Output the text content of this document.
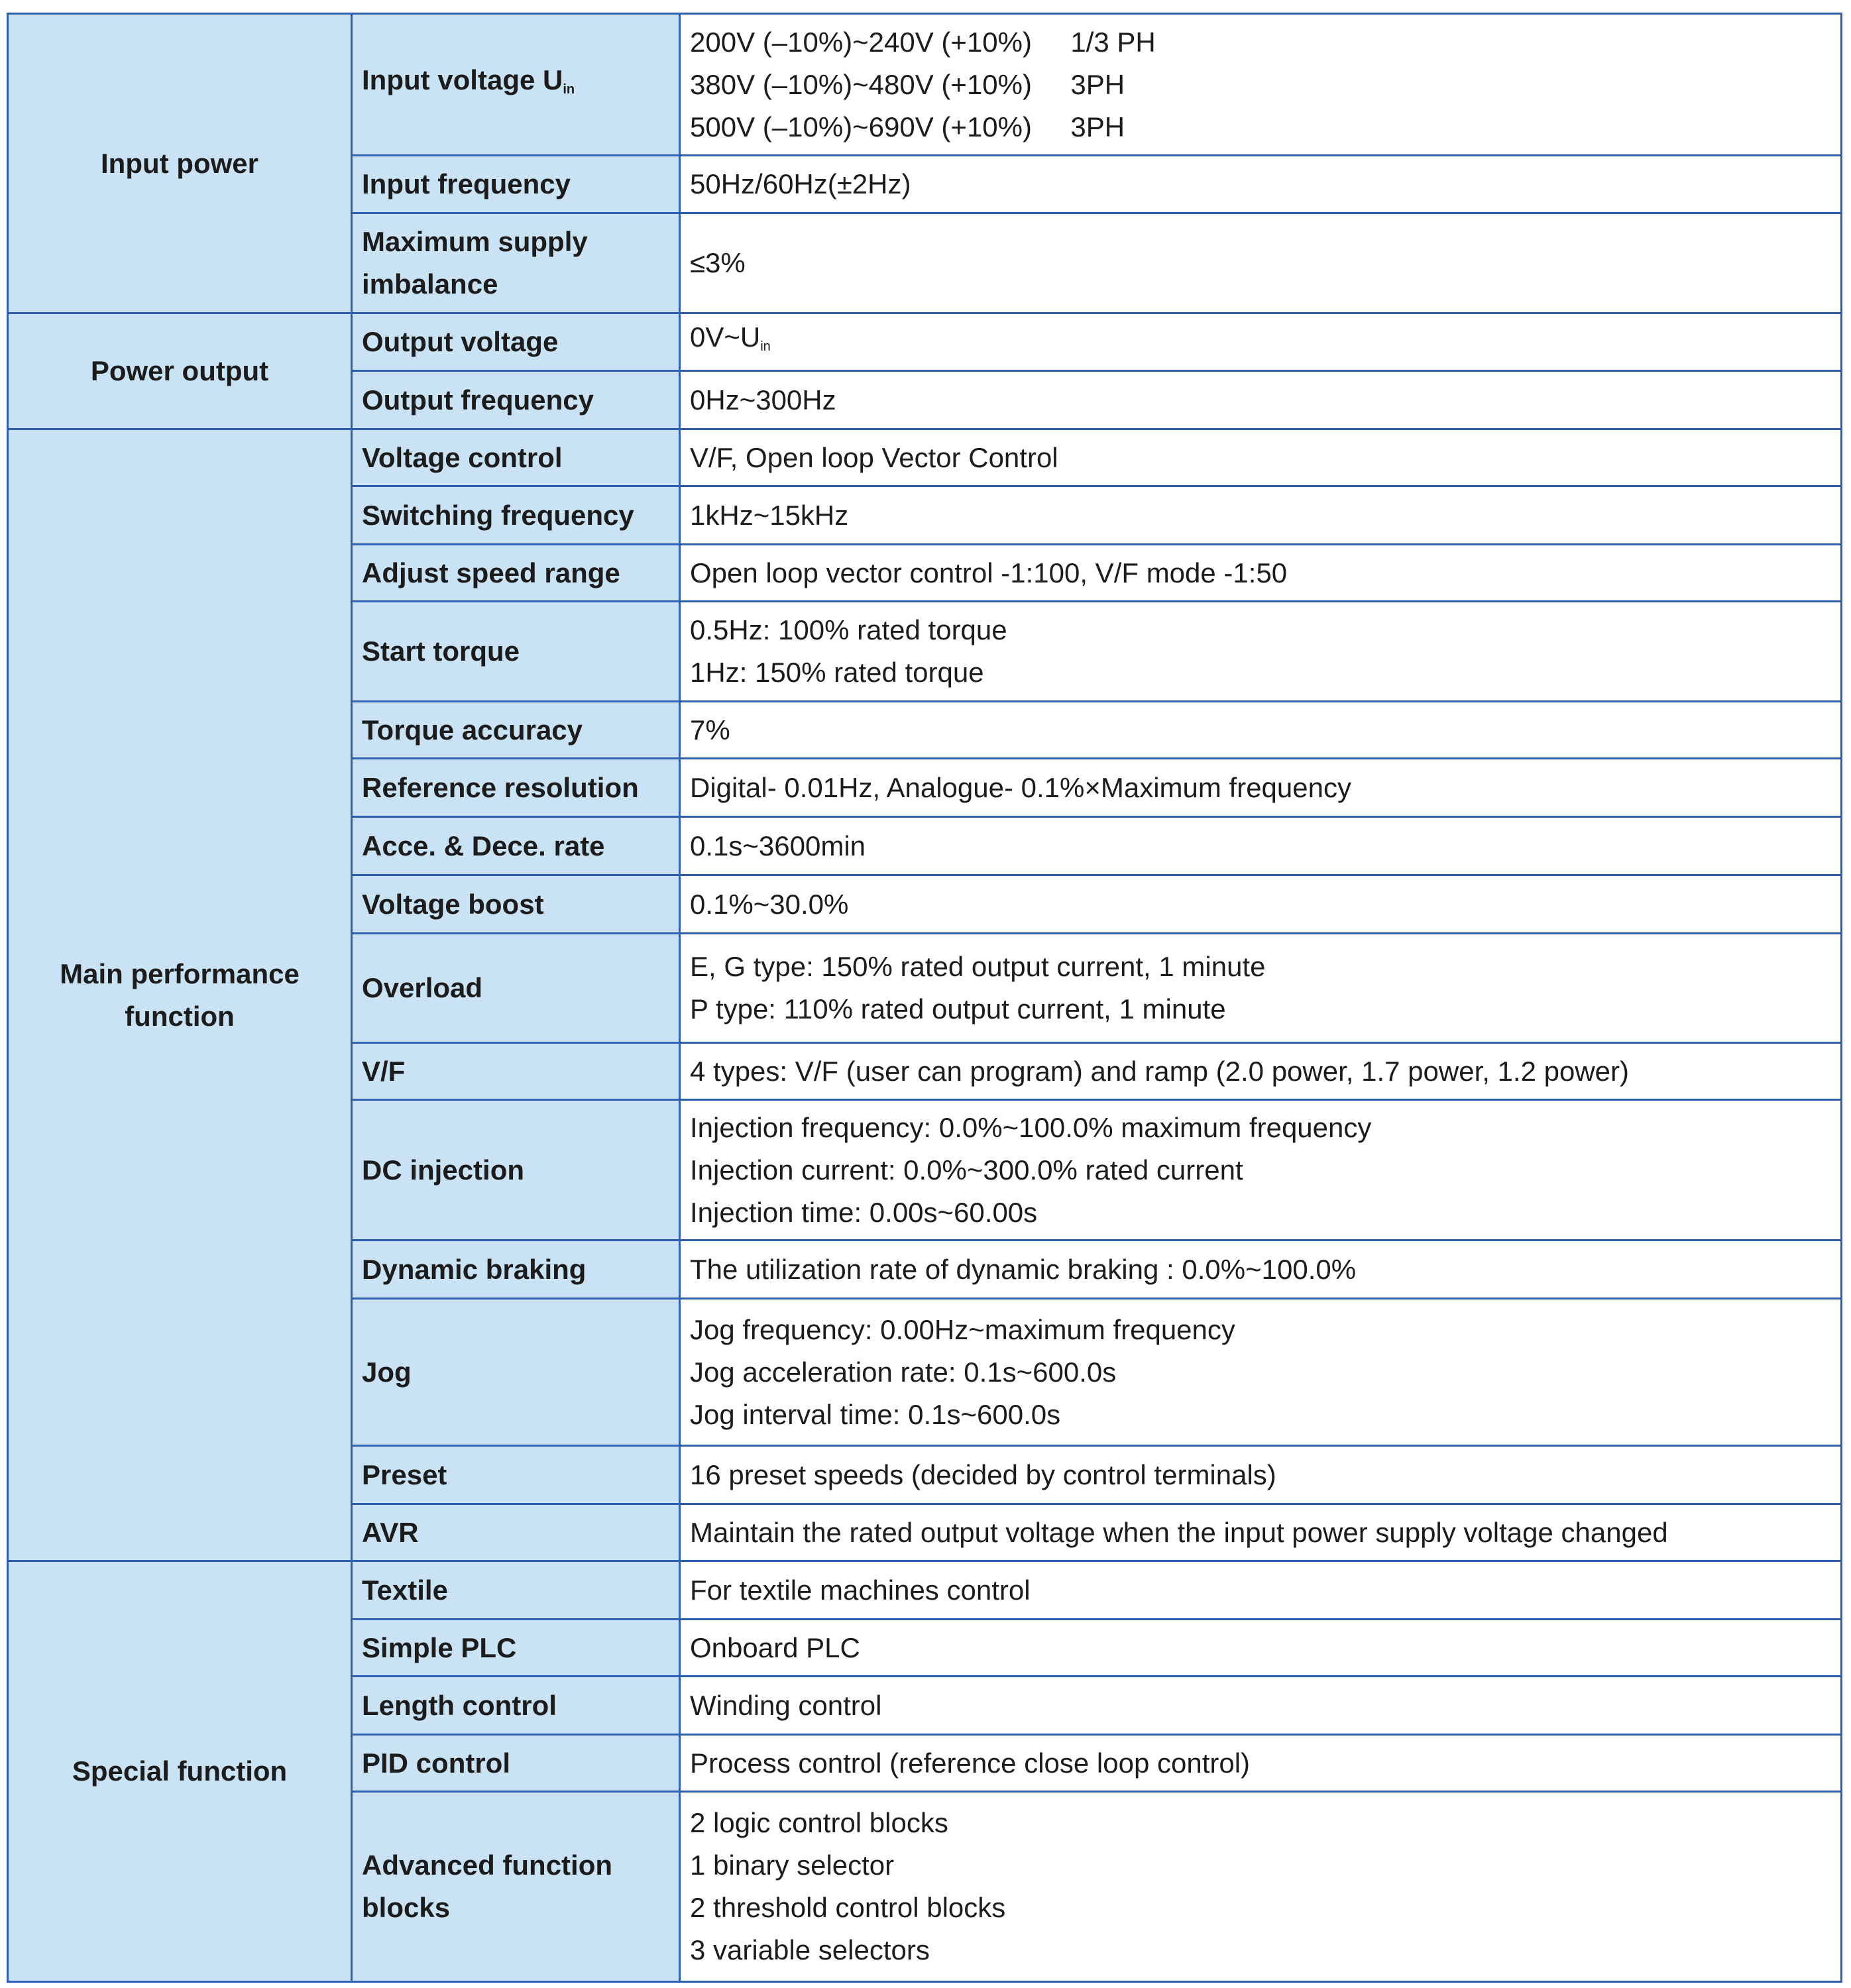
Input power	Input voltage $U_{in}$	200V (–10%)~240V (+10%)     1/3 PH
380V (–10%)~480V (+10%)     3PH
500V (–10%)~690V (+10%)     3PH

	Input frequency	50Hz/60Hz(±2Hz)

	Maximum supply imbalance	≤3%

Power output	Output voltage	$0V\sim U_{in}$

	Output frequency	0Hz~300Hz

Main performance function	Voltage control	V/F, Open loop Vector Control

	Switching frequency	1kHz~15kHz

	Adjust speed range	Open loop vector control -1:100, V/F mode -1:50

	Start torque	0.5Hz: 100% rated torque
1Hz: 150% rated torque

	Torque accuracy	7%

	Reference resolution	Digital- 0.01Hz, Analogue- 0.1%×Maximum frequency

	Acce. & Dece. rate	0.1s~3600min

	Voltage boost	0.1%~30.0%

	Overload	E, G type: 150% rated output current, 1 minute
P type: 110% rated output current, 1 minute

	V/F	4 types: V/F (user can program) and ramp (2.0 power, 1.7 power, 1.2 power)

	DC injection	Injection frequency: 0.0%~100.0% maximum frequency
Injection current: 0.0%~300.0% rated current
Injection time: 0.00s~60.00s

	Dynamic braking	The utilization rate of dynamic braking : 0.0%~100.0%

	Jog	Jog frequency: 0.00Hz~maximum frequency
Jog acceleration rate: 0.1s~600.0s
Jog interval time: 0.1s~600.0s

	Preset	16 preset speeds (decided by control terminals)

	AVR	Maintain the rated output voltage when the input power supply voltage changed

Special function	Textile	For textile machines control

	Simple PLC	Onboard PLC

	Length control	Winding control

	PID control	Process control (reference close loop control)

	Advanced function blocks	2 logic control blocks
1 binary selector
2 threshold control blocks
3 variable selectors
